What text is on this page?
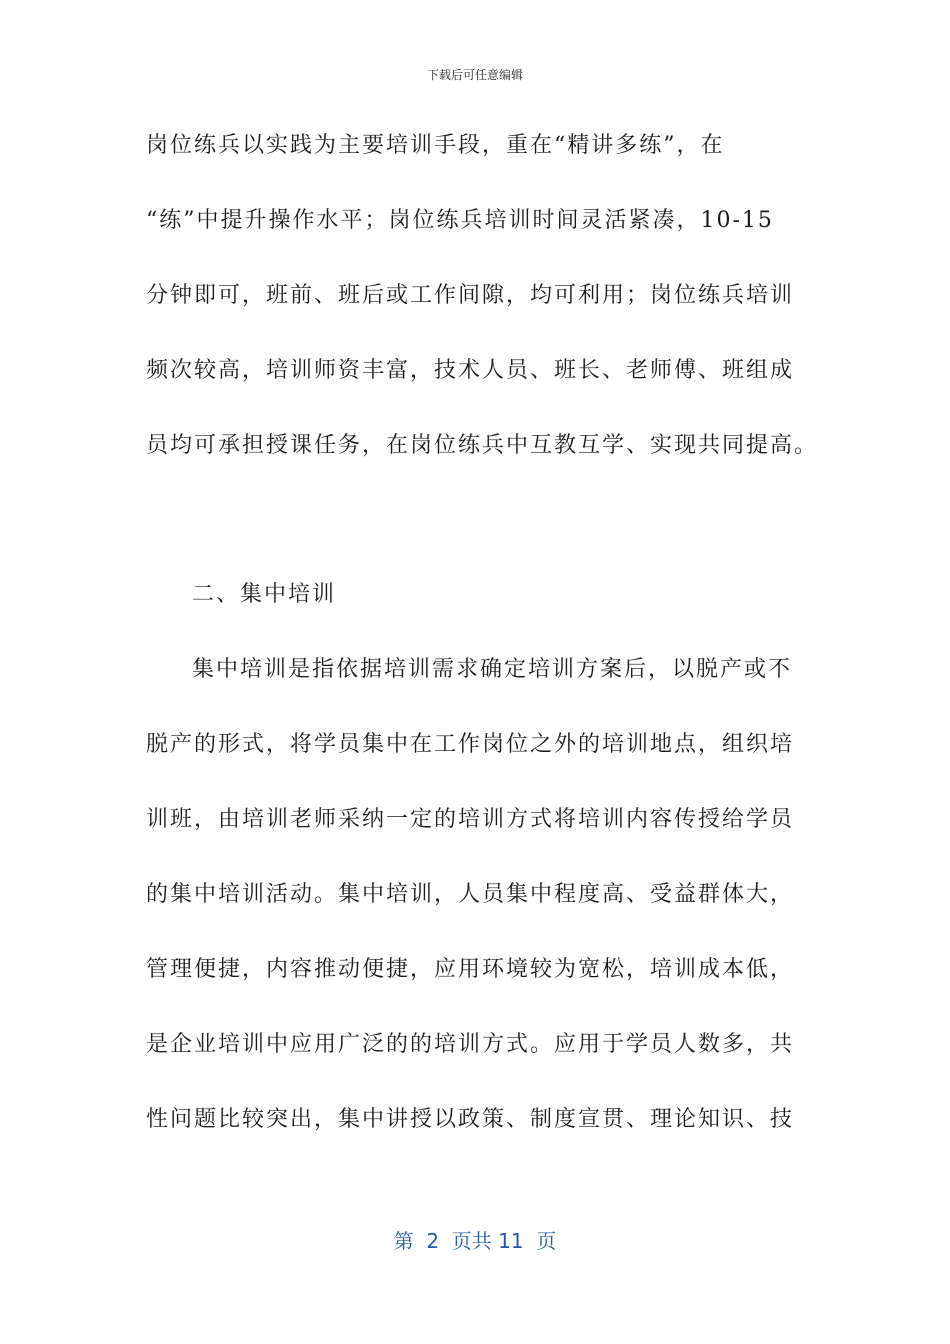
下载后可任意编辑
岗位练兵以实践为主要培训手段，重在“精讲多练”，在
“练”中提升操作水平；岗位练兵培训时间灵活紧凑，10-15
分钟即可，班前、班后或工作间隙，均可利用；岗位练兵培训
频次较高，培训师资丰富，技术人员、班长、老师傅、班组成
员均可承担授课任务，在岗位练兵中互教互学、实现共同提高。
二、集中培训
集中培训是指依据培训需求确定培训方案后，以脱产或不
脱产的形式，将学员集中在工作岗位之外的培训地点，组织培
训班，由培训老师采纳一定的培训方式将培训内容传授给学员
的集中培训活动。集中培训，人员集中程度高、受益群体大，
管理便捷，内容推动便捷，应用环境较为宽松，培训成本低，
是企业培训中应用广泛的的培训方式。应用于学员人数多，共
性问题比较突出，集中讲授以政策、制度宣贯、理论知识、技
第  2  页共 11  页
